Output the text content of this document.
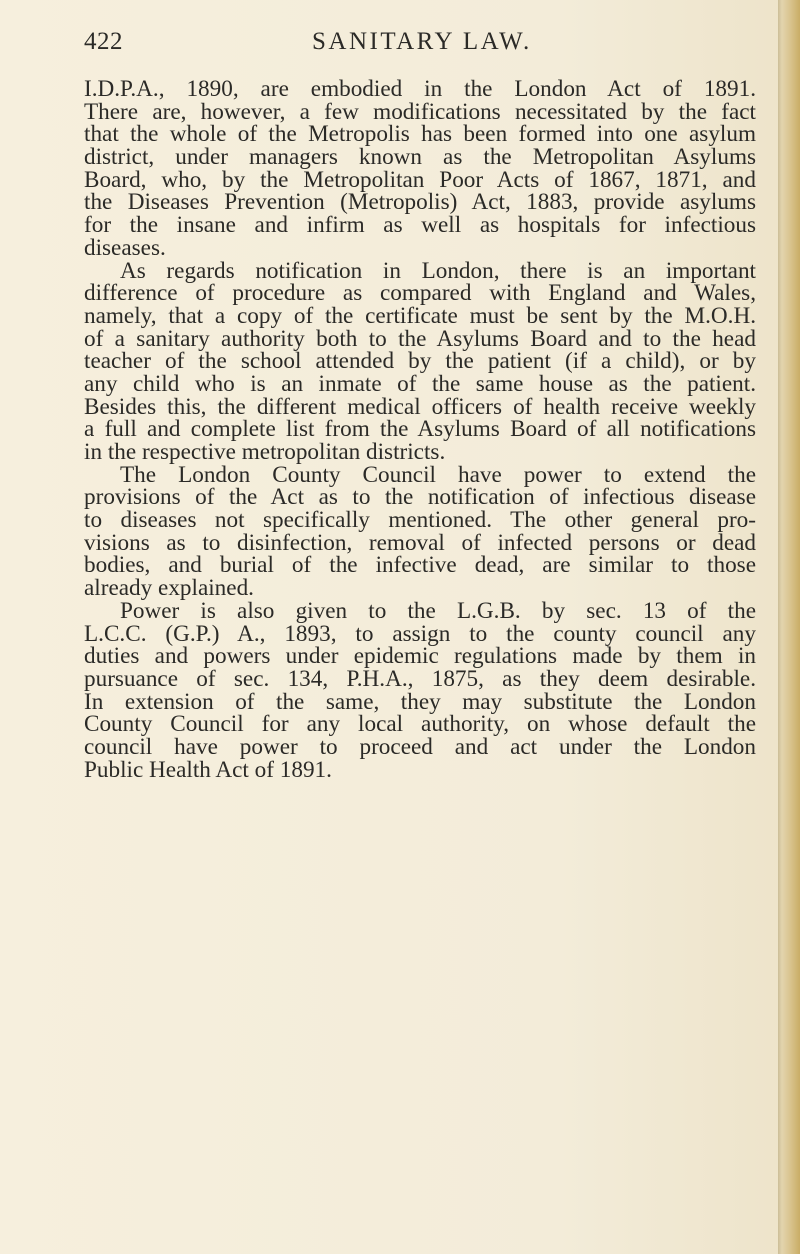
422	SANITARY LAW.
I.D.P.A., 1890, are embodied in the London Act of 1891.
There are, however, a few modifications necessitated by the fact
that the whole of the Metropolis has been formed into one asylum
district, under managers known as the Metropolitan Asylums
Board, who, by the Metropolitan Poor Acts of 1867, 1871, and
the Diseases Prevention (Metropolis) Act, 1883, provide asylums
for the insane and infirm as well as hospitals for infectious
diseases.
As regards notification in London, there is an important
difference of procedure as compared with England and Wales,
namely, that a copy of the certificate must be sent by the M.O.H.
of a sanitary authority both to the Asylums Board and to the head
teacher of the school attended by the patient (if a child), or by
any child who is an inmate of the same house as the patient.
Besides this, the different medical officers of health receive weekly
a full and complete list from the Asylums Board of all notifications
in the respective metropolitan districts.
The London County Council have power to extend the
provisions of the Act as to the notification of infectious disease
to diseases not specifically mentioned. The other general pro-
visions as to disinfection, removal of infected persons or dead
bodies, and burial of the infective dead, are similar to those
already explained.
Power is also given to the L.G.B. by sec. 13 of the
L.C.C. (G.P.) A., 1893, to assign to the county council any
duties and powers under epidemic regulations made by them in
pursuance of sec. 134, P.H.A., 1875, as they deem desirable.
In extension of the same, they may substitute the London
County Council for any local authority, on whose default the
council have power to proceed and act under the London
Public Health Act of 1891.
